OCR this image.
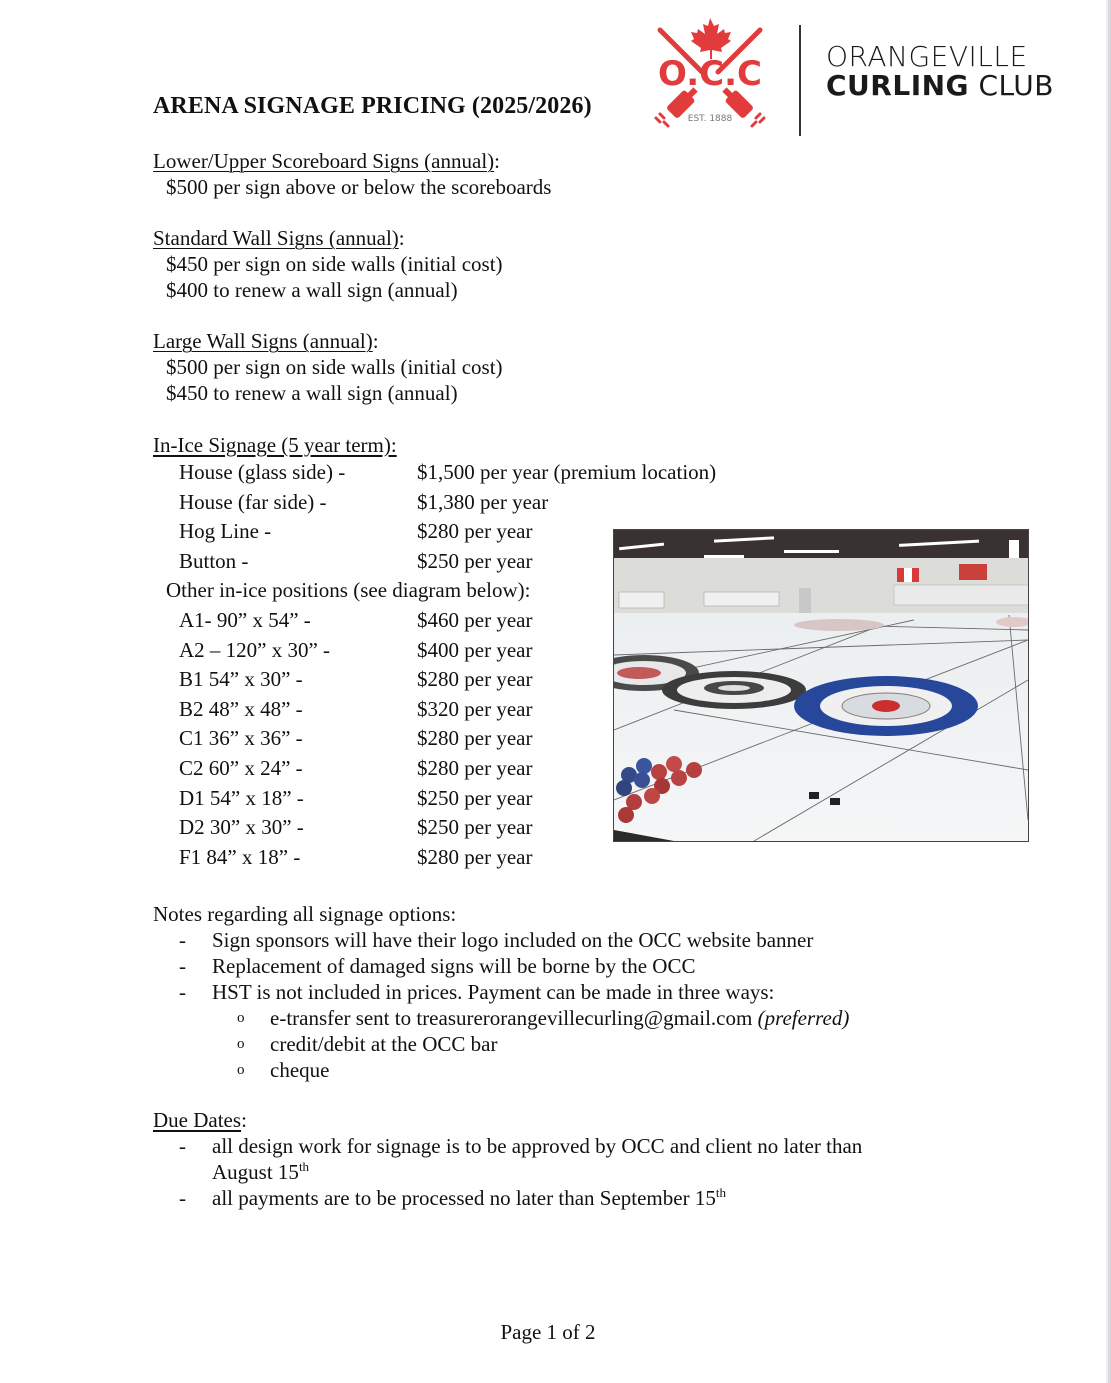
O.C.C
EST. 1888
ORANGEVILLE
CURLING CLUB
ARENA SIGNAGE PRICING (2025/2026)
Lower/Upper Scoreboard Signs (annual):
$500 per sign above or below the scoreboards
Standard Wall Signs (annual):
$450 per sign on side walls (initial cost)
$400 to renew a wall sign (annual)
Large Wall Signs (annual):
$500 per sign on side walls (initial cost)
$450 to renew a wall sign (annual)
In-Ice Signage (5 year term):
House (glass side) -	$1,500 per year (premium location)
House (far side) -	$1,380 per year
Hog Line -	$280 per year
Button -	$250 per year
Other in-ice positions (see diagram below):
A1- 90” x 54” -	$460 per year
A2 – 120” x 30” -	$400 per year
B1 54” x 30” -	$280 per year
B2 48” x 48” -	$320 per year
C1 36” x 36” -	$280 per year
C2 60” x 24” -	$280 per year
D1 54” x 18” -	$250 per year
D2 30” x 30” -	$250 per year
F1 84” x 18” -	$280 per year
Notes regarding all signage options:
- Sign sponsors will have their logo included on the OCC website banner
- Replacement of damaged signs will be borne by the OCC
- HST is not included in prices. Payment can be made in three ways:
o e-transfer sent to treasurerorangevillecurling@gmail.com (preferred)
o credit/debit at the OCC bar
o cheque
Due Dates:
- all design work for signage is to be approved by OCC and client no later than
August 15th
- all payments are to be processed no later than September 15th
Page 1 of 2
